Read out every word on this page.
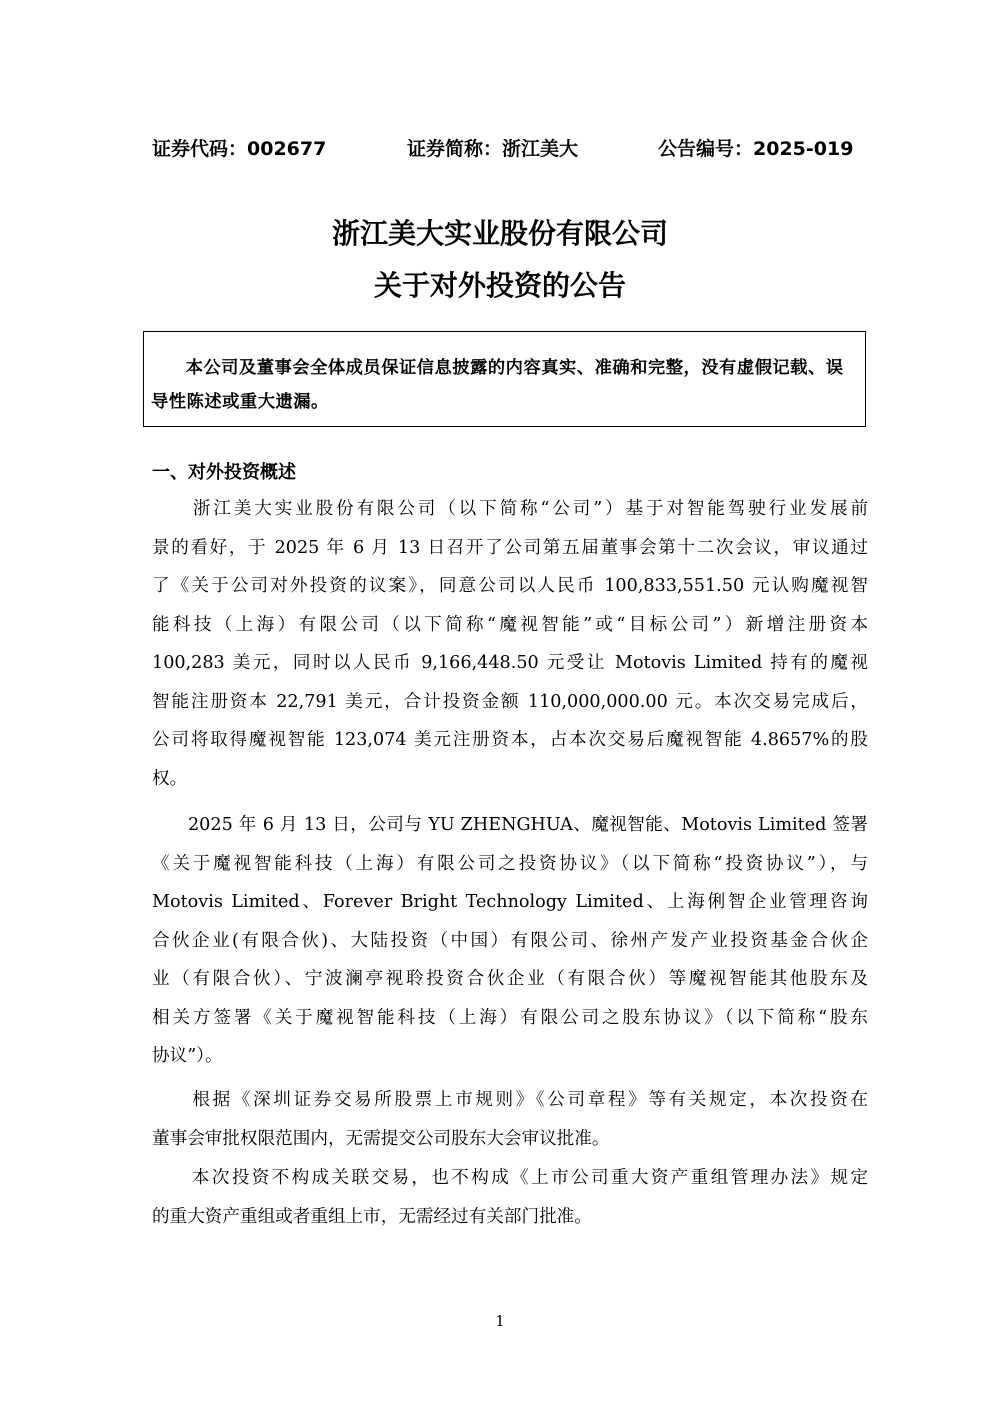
证券代码：002677	证券简称：浙江美大	公告编号：2025-019
浙江美大实业股份有限公司
关于对外投资的公告
本公司及董事会全体成员保证信息披露的内容真实、准确和完整，没有虚假记载、误导性陈述或重大遗漏。
一、对外投资概述
　　浙江美大实业股份有限公司（以下简称“公司”）基于对智能驾驶行业发展前
景的看好，于 2025 年 6 月 13 日召开了公司第五届董事会第十二次会议，审议通过
了《关于公司对外投资的议案》，同意公司以人民币 100,833,551.50 元认购魔视智
能科技（上海）有限公司（以下简称“魔视智能”或“目标公司”）新增注册资本
100,283 美元，同时以人民币 9,166,448.50 元受让 Motovis Limited 持有的魔视
智能注册资本 22,791 美元，合计投资金额 110,000,000.00 元。本次交易完成后，
公司将取得魔视智能 123,074 美元注册资本，占本次交易后魔视智能 4.8657%的股
权。
　　2025 年 6 月 13 日，公司与 YU ZHENGHUA、魔视智能、Motovis Limited 签署
《关于魔视智能科技（上海）有限公司之投资协议》（以下简称“投资协议”），与
Motovis Limited、Forever Bright Technology Limited、上海俐智企业管理咨询
合伙企业(有限合伙)、大陆投资（中国）有限公司、徐州产发产业投资基金合伙企
业（有限合伙）、宁波澜亭视聆投资合伙企业（有限合伙）等魔视智能其他股东及
相关方签署《关于魔视智能科技（上海）有限公司之股东协议》（以下简称“股东
协议”）。
　　根据《深圳证券交易所股票上市规则》《公司章程》等有关规定，本次投资在
董事会审批权限范围内，无需提交公司股东大会审议批准。
　　本次投资不构成关联交易，也不构成《上市公司重大资产重组管理办法》规定
的重大资产重组或者重组上市，无需经过有关部门批准。
1
